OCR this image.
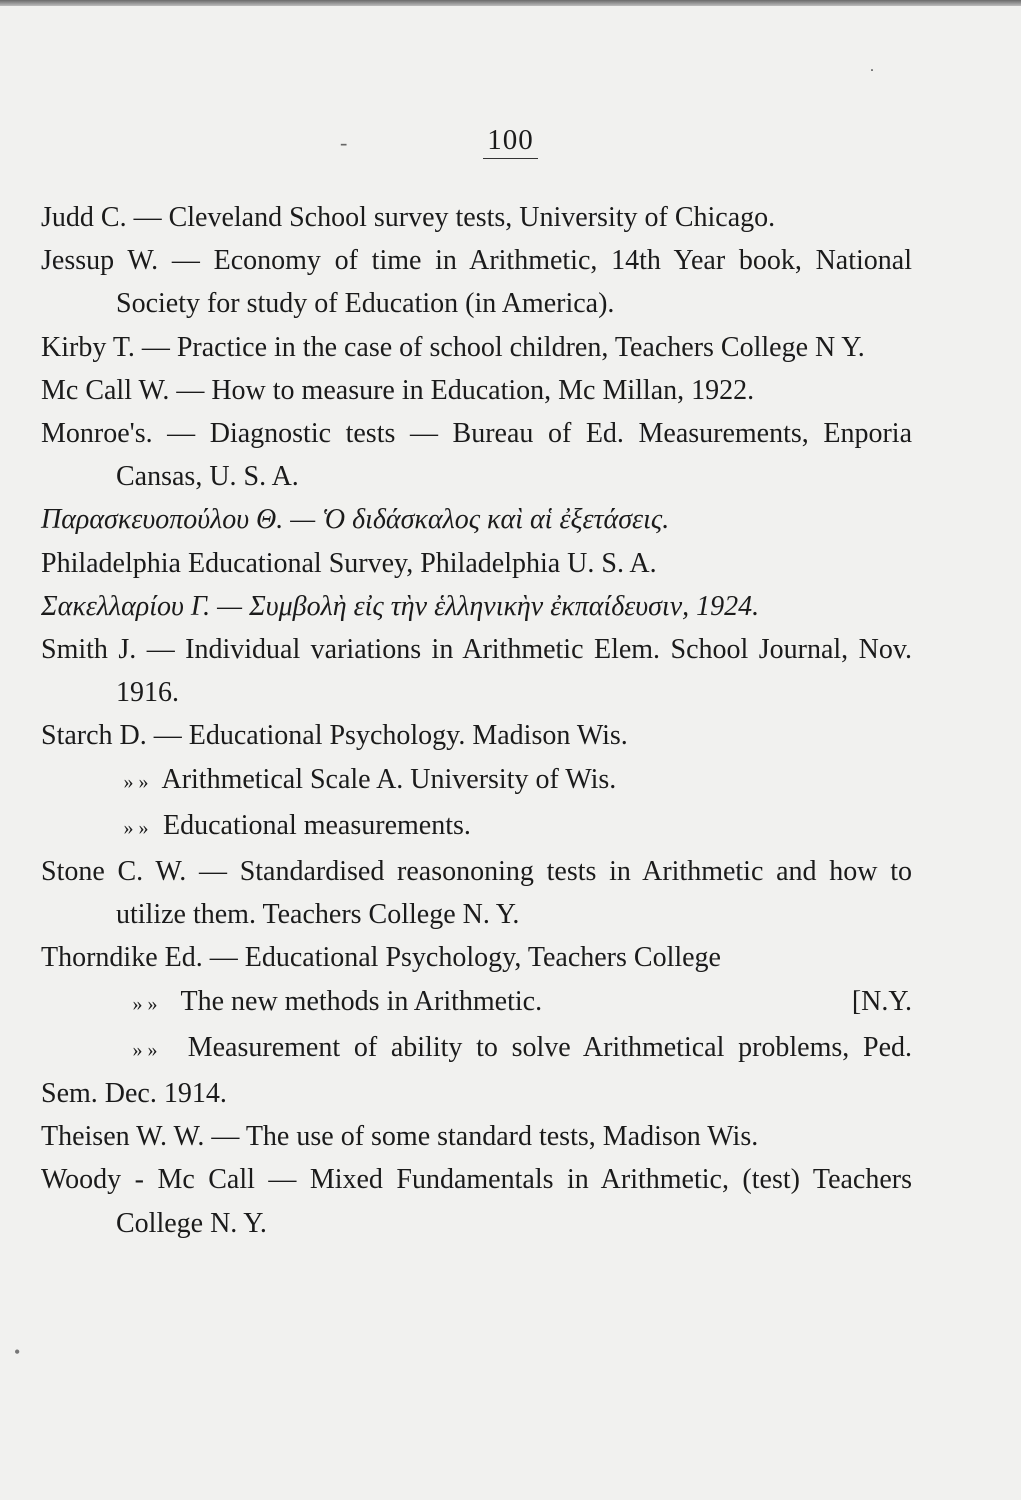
.
-	100
•
Judd C. — Cleveland School survey tests, University of Chicago.
Jessup W. — Economy of time in Arithmetic, 14th Year book, National Society for study of Education (in America).
Kirby T. — Practice in the case of school children, Teachers College N Y.
Mc Call W. — How to measure in Education, Mc Millan, 1922.
Monroe's. — Diagnostic tests — Bureau of Ed. Measurements, Enporia Cansas, U. S. A.
Παρασκευοπούλου Θ. — Ὁ διδάσκαλος καὶ αἱ ἐξετάσεις.
Philadelphia Educational Survey, Philadelphia U. S. A.
Σακελλαρίου Γ. — Συμβολὴ εἰς τὴν ἑλληνικὴν ἐκπαίδευσιν, 1924.
Smith J. — Individual variations in Arithmetic Elem. School Journal, Nov. 1916.
Starch D. — Educational Psychology. Madison Wis.
» » Arithmetical Scale A. University of Wis.
» » Educational measurements.
Stone C. W. — Standardised reasononing tests in Arithmetic and how to utilize them. Teachers College N. Y.
Thorndike Ed. — Educational Psychology, Teachers College
» » The new methods in Arithmetic.	[N.Y.
» » Measurement of ability to solve Arithmetical problems, Ped. Sem. Dec. 1914.
Theisen W. W. — The use of some standard tests, Madison Wis.
Woody - Mc Call — Mixed Fundamentals in Arithmetic, (test) Teachers College N. Y.
